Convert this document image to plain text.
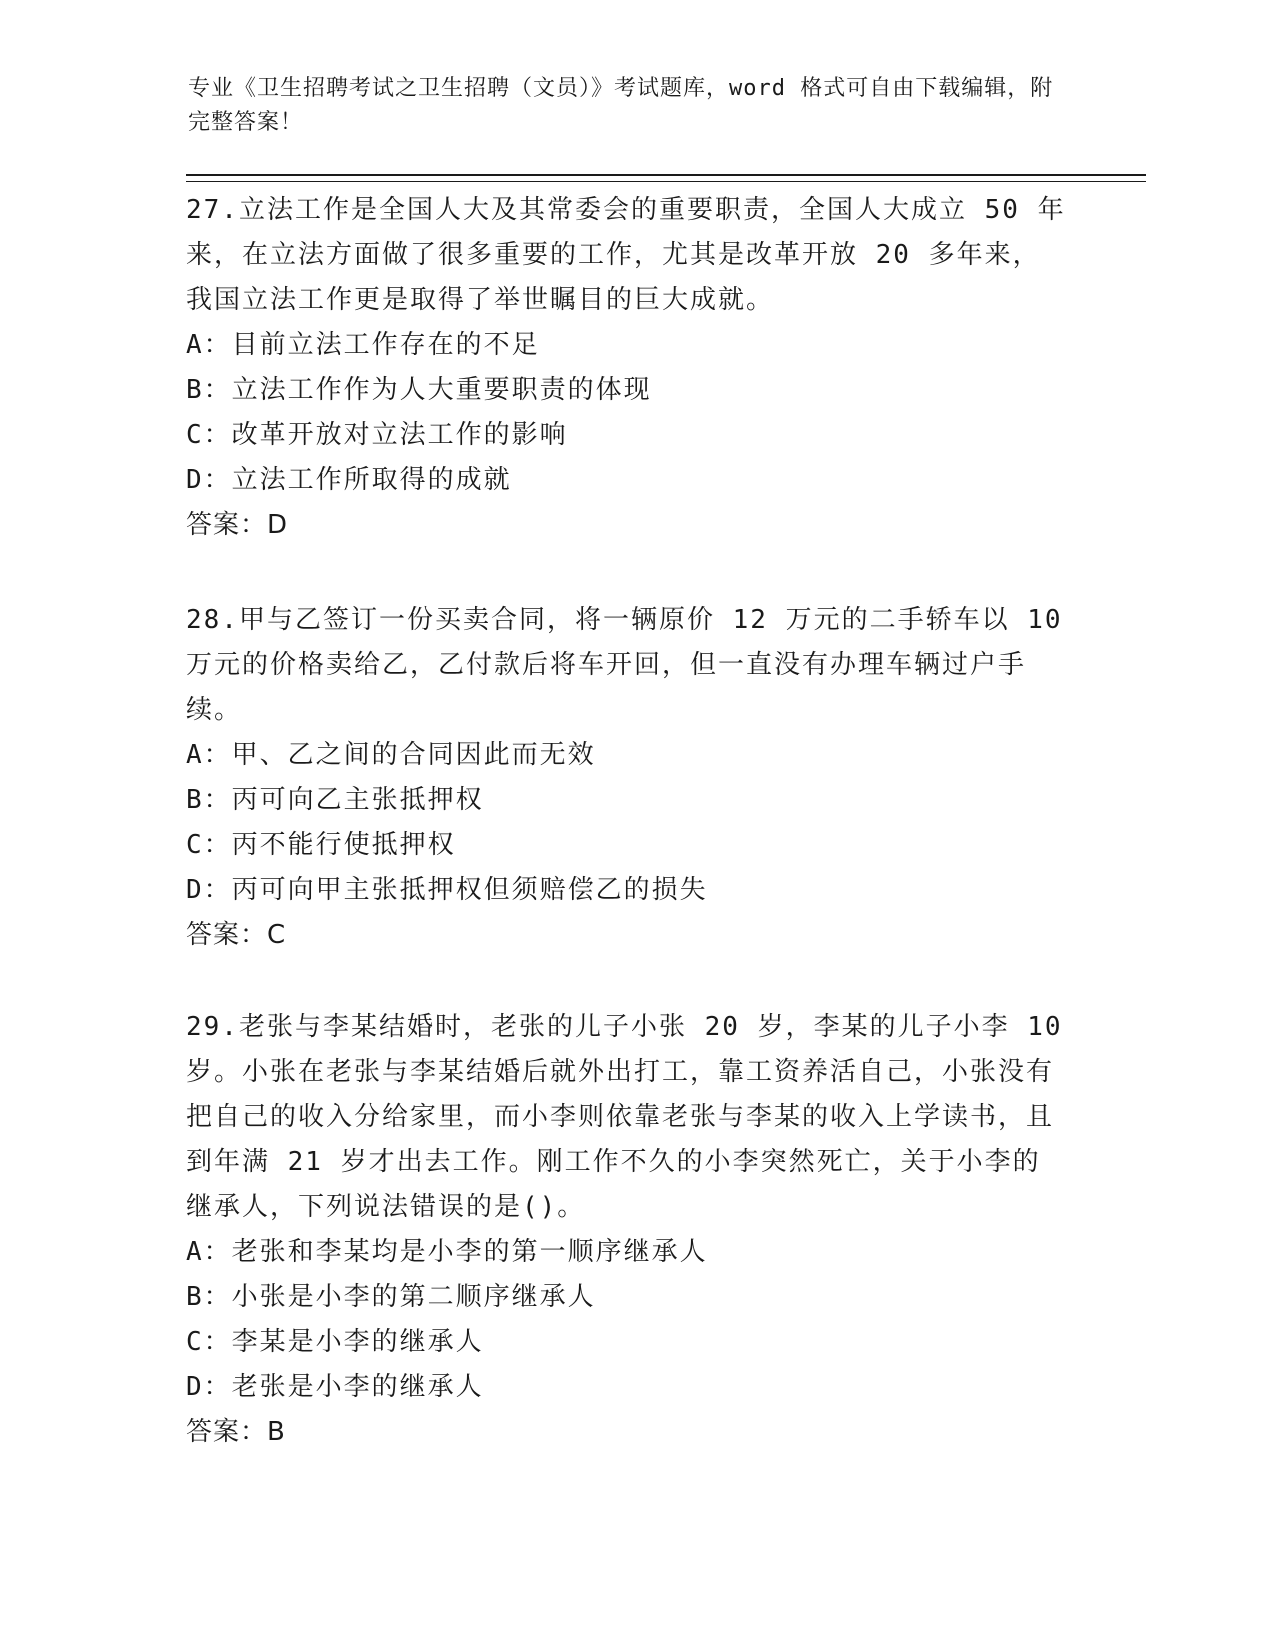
专业《卫生招聘考试之卫生招聘（文员）》考试题库，word 格式可自由下载编辑，附完整答案！
27.立法工作是全国人大及其常委会的重要职责，全国人大成立 50 年来，在立法方面做了很多重要的工作，尤其是改革开放 20 多年来，我国立法工作更是取得了举世瞩目的巨大成就。
A：目前立法工作存在的不足
B：立法工作作为人大重要职责的体现
C：改革开放对立法工作的影响
D：立法工作所取得的成就
答案：D
28.甲与乙签订一份买卖合同，将一辆原价 12 万元的二手轿车以 10 万元的价格卖给乙，乙付款后将车开回，但一直没有办理车辆过户手续。
A：甲、乙之间的合同因此而无效
B：丙可向乙主张抵押权
C：丙不能行使抵押权
D：丙可向甲主张抵押权但须赔偿乙的损失
答案：C
29.老张与李某结婚时，老张的儿子小张 20 岁，李某的儿子小李 10 岁。小张在老张与李某结婚后就外出打工，靠工资养活自己，小张没有把自己的收入分给家里，而小李则依靠老张与李某的收入上学读书，且到年满 21 岁才出去工作。刚工作不久的小李突然死亡，关于小李的继承人，下列说法错误的是()。
A：老张和李某均是小李的第一顺序继承人
B：小张是小李的第二顺序继承人
C：李某是小李的继承人
D：老张是小李的继承人
答案：B
